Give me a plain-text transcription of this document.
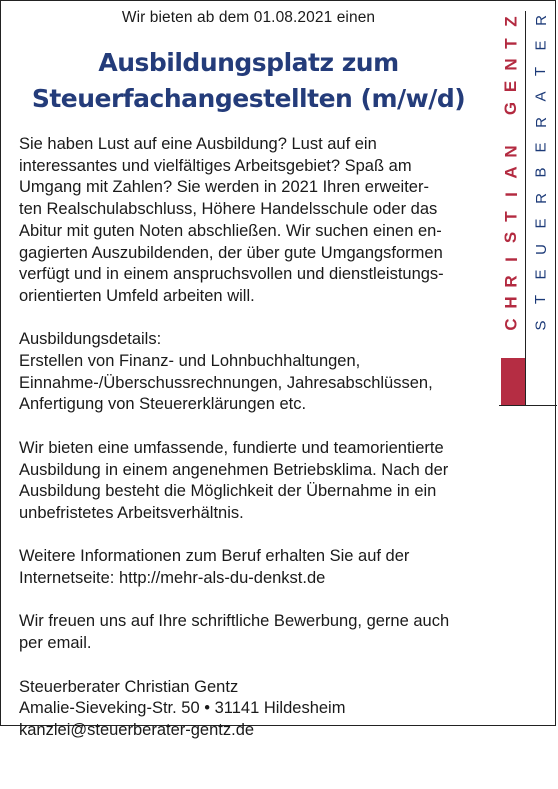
Wir bieten ab dem 01.08.2021 einen
Ausbildungsplatz zum
Steuerfachangestellten (m/w/d)

Sie haben Lust auf eine Ausbildung? Lust auf ein
interessantes und vielfältiges Arbeitsgebiet? Spaß am
Umgang mit Zahlen? Sie werden in 2021 Ihren erweiter-
ten Realschulabschluss, Höhere Handelsschule oder das
Abitur mit guten Noten abschließen. Wir suchen einen en-
gagierten Auszubildenden, der über gute Umgangsformen
verfügt und in einem anspruchsvollen und dienstleistungs-
orientierten Umfeld arbeiten will.

Ausbildungsdetails:
Erstellen von Finanz- und Lohnbuchhaltungen,
Einnahme-/Überschussrechnungen, Jahresabschlüssen,
Anfertigung von Steuererklärungen etc.

Wir bieten eine umfassende, fundierte und teamorientierte
Ausbildung in einem angenehmen Betriebsklima. Nach der
Ausbildung besteht die Möglichkeit der Übernahme in ein
unbefristetes Arbeitsverhältnis.

Weitere Informationen zum Beruf erhalten Sie auf der
Internetseite: http://mehr-als-du-denkst.de

Wir freuen uns auf Ihre schriftliche Bewerbung, gerne auch
per email.

Steuerberater Christian Gentz
Amalie-Sieveking-Str. 50 • 31141 Hildesheim
kanzlei@steuerberater-gentz.de

Z
T
N
E
G

N
A
I
T
S
I
R
H
C
R
E
T
A
R
E
B
R
E
U
E
T
S
